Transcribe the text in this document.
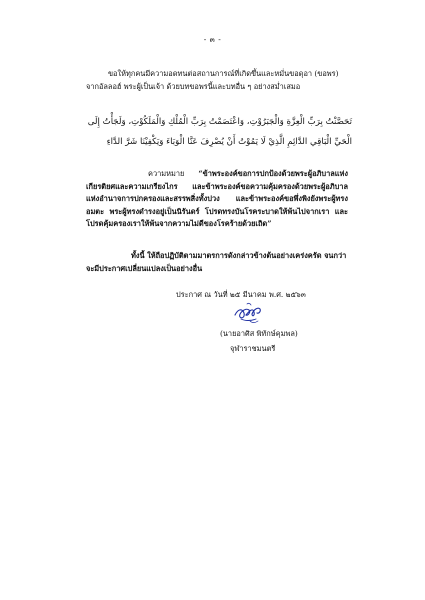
- ๓ -
ขอให้ทุกคนมีความอดทนต่อสถานการณ์ที่เกิดขึ้นและหมั่นขอดุอา (ขอพร) จากอัลลอฮ์ พระผู้เป็นเจ้า ด้วยบทขอพรนี้และบทอื่น ๆ อย่างสม่ำเสมอ
تَحَصَّنْتُ بِرَبِّ الْعِزَّةِ وَالْجَبَرُوْتِ، وَاعْتَصَمْتُ بِرَبِّ الْمُلْكِ وَالْمَلَكُوْتِ، وَلَجَأْتُ إِلَى الْحَيِّ الْبَاقِي الدَّائِمِ الَّذِيْ لَا يَمُوْتُ أَنْ يُصْرِفَ عَنَّا الْوَبَاءَ وَيَكْفِيْنَا شَرَّ الدَّاءِ
ความหมาย “ข้าพระองค์ขอการปกป้องด้วยพระผู้อภิบาลแห่งเกียรติยศและความเกรียงไกร และข้าพระองค์ขอความคุ้มครองด้วยพระผู้อภิบาลแห่งอำนาจการปกครองและสรรพสิ่งทั้งปวง และข้าพระองค์ขอพึ่งพิงยังพระผู้ทรงอมตะ พระผู้ทรงดำรงอยู่เป็นนิรันดร์ โปรดทรงบันโรคระบาดให้พ้นไปจากเรา และโปรดคุ้มครองเราให้พ้นจากความไม่ดีของโรคร้ายด้วยเถิด”
ทั้งนี้ ให้ถือปฏิบัติตามมาตรการดังกล่าวข้างต้นอย่างเคร่งครัด จนกว่าจะมีประกาศเปลี่ยนแปลงเป็นอย่างอื่น
ประกาศ ณ วันที่ ๒๕ มีนาคม พ.ศ. ๒๕๖๓
(นายอาศิส พิทักษ์คุมพล)
จุฬาราชมนตรี
